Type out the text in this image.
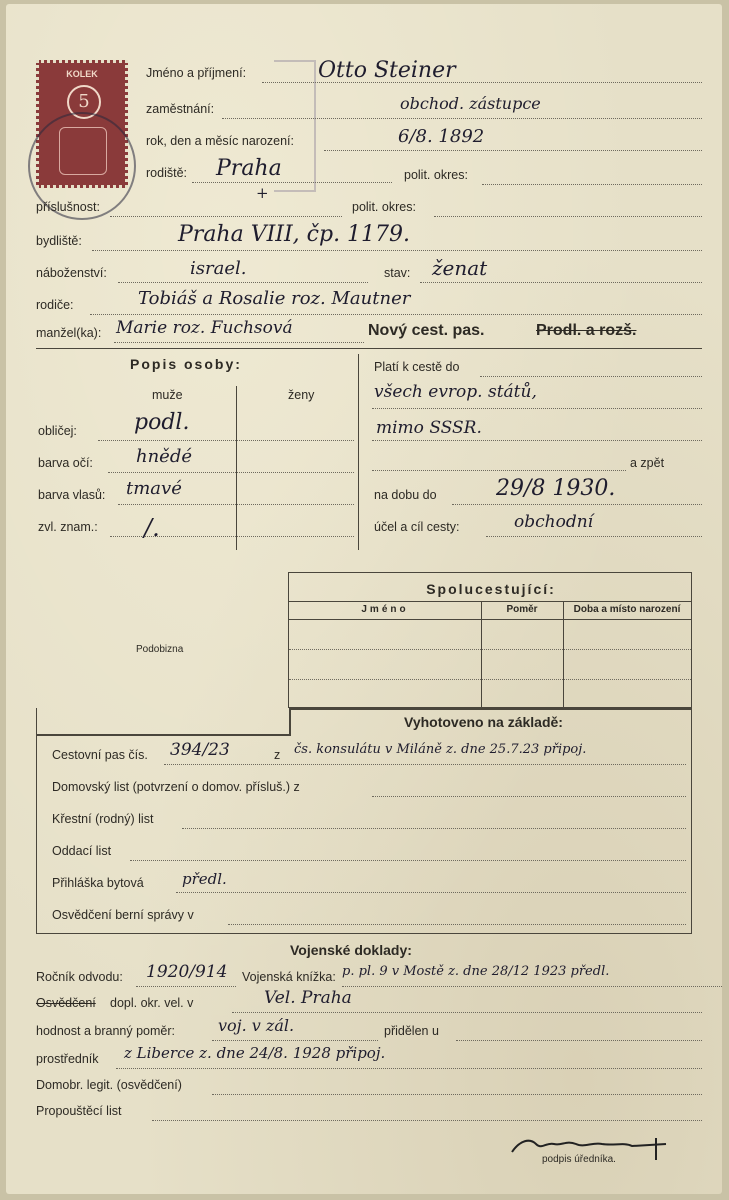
KOLEK
5
Jméno a příjmení:	Otto Steiner
zaměstnání:	obchod. zástupce
rok, den a měsíc narození:	6/8. 1892
rodiště: Praha	polit. okres:
+
příslušnost:	polit. okres:
bydliště:	Praha VIII, čp. 1179.
náboženství:	israel.	stav: ženat
rodiče:	Tobiáš a Rosalie roz. Mautner
manžel(ka): Marie roz. Fuchsová	Nový cest. pas.	Prodl. a rozš.
Popis osoby:
muže	ženy
obličej:	podl.
barva očí: hnědé
barva vlasů: tmavé
zvl. znam.: /.
Platí k cestě do
všech evrop. států,
mimo SSSR.
a zpět
na dobu do	29/8 1930.
účel a cíl cesty:	obchodní
Podobizna
Spolucestující:
Jméno	Poměr	Doba a místo narození
Vyhotoveno na základě:
Cestovní pas čís. 394/23	z čs. konsulátu v Miláně z. dne 25.7.23 připoj.
Domovský list (potvrzení o domov. přísluš.) z
Křestní (rodný) list
Oddací list
Přihláška bytová	předl.
Osvědčení berní správy v
Vojenské doklady:
Ročník odvodu: 1920/914 Vojenská knížka: p. pl. 9 v Mostě z. dne 28/12 1923 předl.
Osvědčení dopl. okr. vel. v	Vel. Praha
hodnost a branný poměr:	voj. v zál.	přidělen u
prostředník z Liberce z. dne 24/8. 1928 připoj.
Domobr. legit. (osvědčení)
Propouštěcí list
podpis úředníka.
